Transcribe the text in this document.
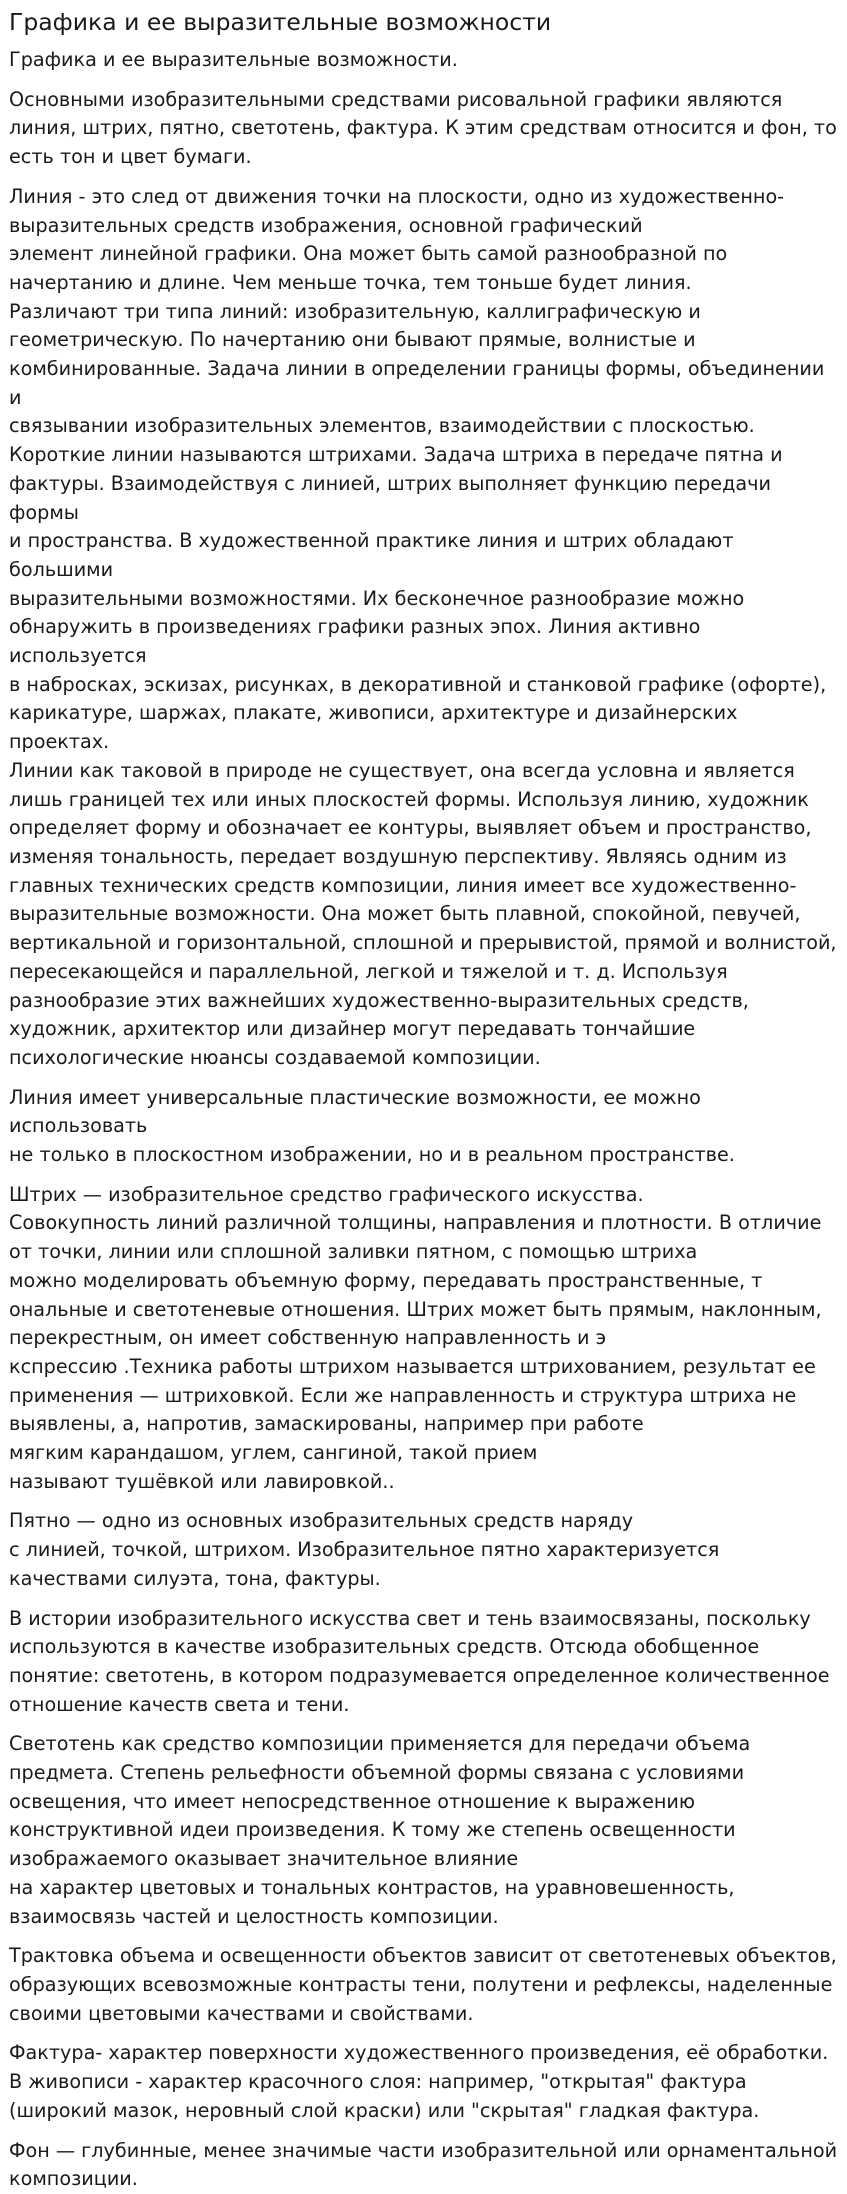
Графика и ее выразительные возможности

Графика и ее выразительные возможности.

Основными изобразительными средствами рисовальной графики являются
линия, штрих, пятно, светотень, фактура. К этим средствам относится и фон, то
есть тон и цвет бумаги.

Линия - это след от движения точки на плоскости, одно из художественно-
выразительных средств изображения, основной графический
элемент линейной графики. Она может быть самой разнообразной по
начертанию и длине. Чем меньше точка, тем тоньше будет линия.
Различают три типа линий: изобразительную, каллиграфическую и
геометрическую. По начертанию они бывают прямые, волнистые и
комбинированные. Задача линии в определении границы формы, объединении и
связывании изобразительных элементов, взаимодействии с плоскостью.
Короткие линии называются штрихами. Задача штриха в передаче пятна и
фактуры. Взаимодействуя с линией, штрих выполняет функцию передачи формы
и пространства. В художественной практике линия и штрих обладают большими
выразительными возможностями. Их бесконечное разнообразие можно
обнаружить в произведениях графики разных эпох. Линия активно используется
в набросках, эскизах, рисунках, в декоративной и станковой графике (офорте),
карикатуре, шаржах, плакате, живописи, архитектуре и дизайнерских проектах.
Линии как таковой в природе не существует, она всегда условна и является
лишь границей тех или иных плоскостей формы. Используя линию, художник
определяет форму и обозначает ее контуры, выявляет объем и пространство,
изменяя тональность, передает воздушную перспективу. Являясь одним из
главных технических средств композиции, линия имеет все художественно-
выразительные возможности. Она может быть плавной, спокойной, певучей,
вертикальной и горизонтальной, сплошной и прерывистой, прямой и волнистой,
пересекающейся и параллельной, легкой и тяжелой и т. д. Используя
разнообразие этих важнейших художественно-выразительных средств,
художник, архитектор или дизайнер могут передавать тончайшие
психологические нюансы создаваемой композиции.

Линия имеет универсальные пластические возможности, ее можно использовать
не только в плоскостном изображении, но и в реальном пространстве.

Штрих — изобразительное средство графического искусства.
Совокупность линий различной толщины, направления и плотности. В отличие
от точки, линии или сплошной заливки пятном, с помощью штриха
можно моделировать объемную форму, передавать пространственные, т
ональные и светотеневые отношения. Штрих может быть прямым, наклонным,
перекрестным, он имеет собственную направленность и э
кспрессию .Техника работы штрихом называется штрихованием, результат ее
применения — штриховкой. Если же направленность и структура штриха не
выявлены, а, напротив, замаскированы, например при работе
мягким карандашом, углем, сангиной, такой прием
называют тушёвкой или лавировкой..

Пятно — одно из основных изобразительных средств наряду
с линией, точкой, штрихом. Изобразительное пятно характеризуется
качествами силуэта, тона, фактуры.

В истории изобразительного искусства свет и тень взаимосвязаны, поскольку
используются в качестве изобразительных средств. Отсюда обобщенное
понятие: светотень, в котором подразумевается определенное количественное
отношение качеств света и тени.

Светотень как средство композиции применяется для передачи объема
предмета. Степень рельефности объемной формы связана с условиями
освещения, что имеет непосредственное отношение к выражению
конструктивной идеи произведения. К тому же степень освещенности
изображаемого оказывает значительное влияние
на характер цветовых и тональных контрастов, на уравновешенность,
взаимосвязь частей и целостность композиции.

Трактовка объема и освещенности объектов зависит от светотеневых объектов,
образующих всевозможные контрасты тени, полутени и рефлексы, наделенные
своими цветовыми качествами и свойствами.

Фактура- характер поверхности художественного произведения, её обработки.
В живописи - характер красочного слоя: например, "открытая" фактура
(широкий мазок, неровный слой краски) или "скрытая" гладкая фактура.

Фон — глубинные, менее значимые части изобразительной или орнаментальной
композиции.
